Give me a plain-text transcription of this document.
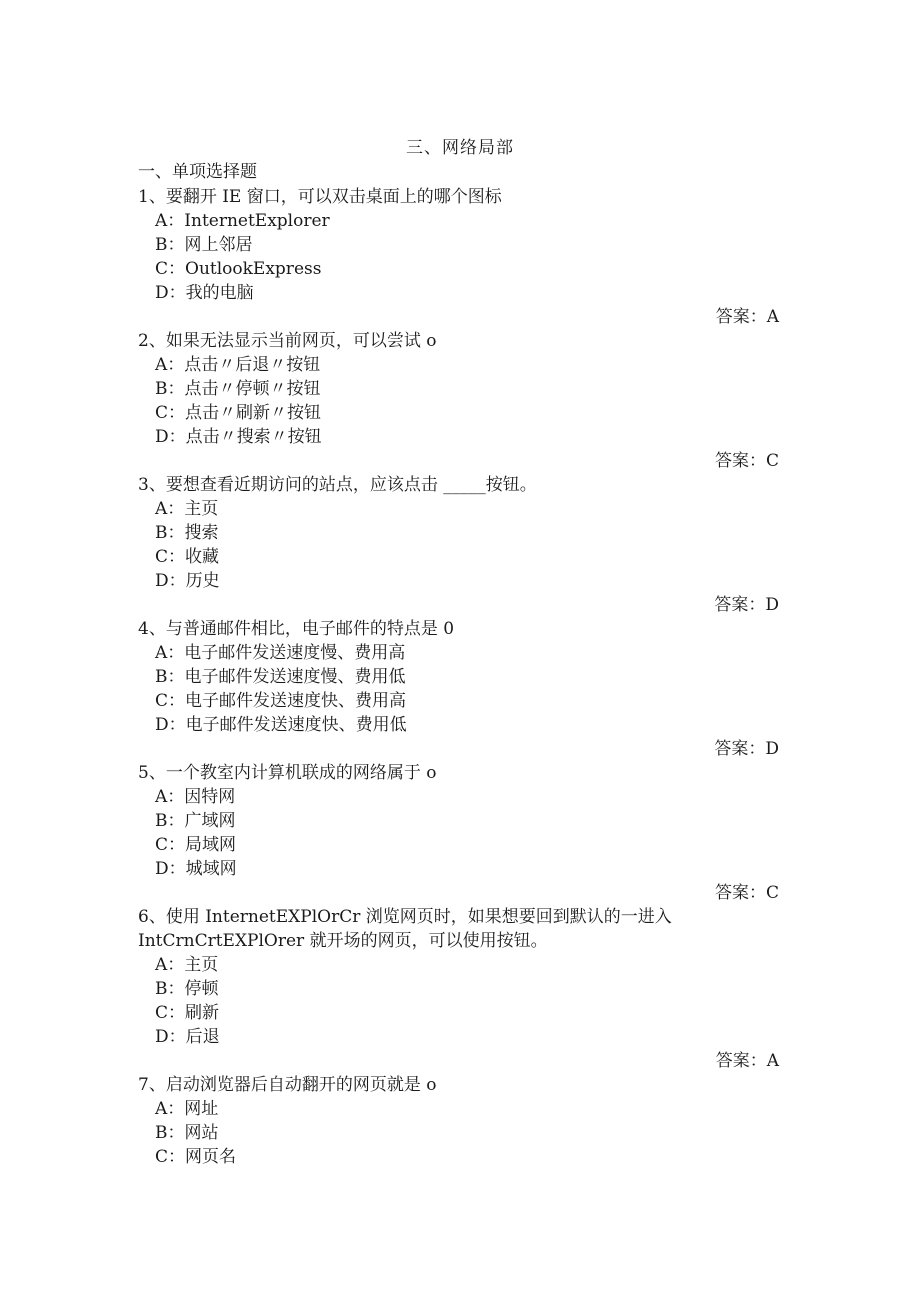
三、网络局部
一、单项选择题
1、要翻开 IE 窗口，可以双击桌面上的哪个图标
A：InternetExplorer
B：网上邻居
C：OutlookExpress
D：我的电脑
答案：A
2、如果无法显示当前网页，可以尝试 o
A：点击〃后退〃按钮
B：点击〃停顿〃按钮
C：点击〃刷新〃按钮
D：点击〃搜索〃按钮
答案：C
3、要想查看近期访问的站点，应该点击 _____按钮。
A：主页
B：搜索
C：收藏
D：历史
答案：D
4、与普通邮件相比，电子邮件的特点是 0
A：电子邮件发送速度慢、费用高
B：电子邮件发送速度慢、费用低
C：电子邮件发送速度快、费用高
D：电子邮件发送速度快、费用低
答案：D
5、一个教室内计算机联成的网络属于 o
A：因特网
B：广域网
C：局域网
D：城域网
答案：C
6、使用 InternetEXPlOrCr 浏览网页时，如果想要回到默认的一进入
IntCrnCrtEXPlOrer 就开场的网页，可以使用按钮。
A：主页
B：停顿
C：刷新
D：后退
答案：A
7、启动浏览器后自动翻开的网页就是 o
A：网址
B：网站
C：网页名
